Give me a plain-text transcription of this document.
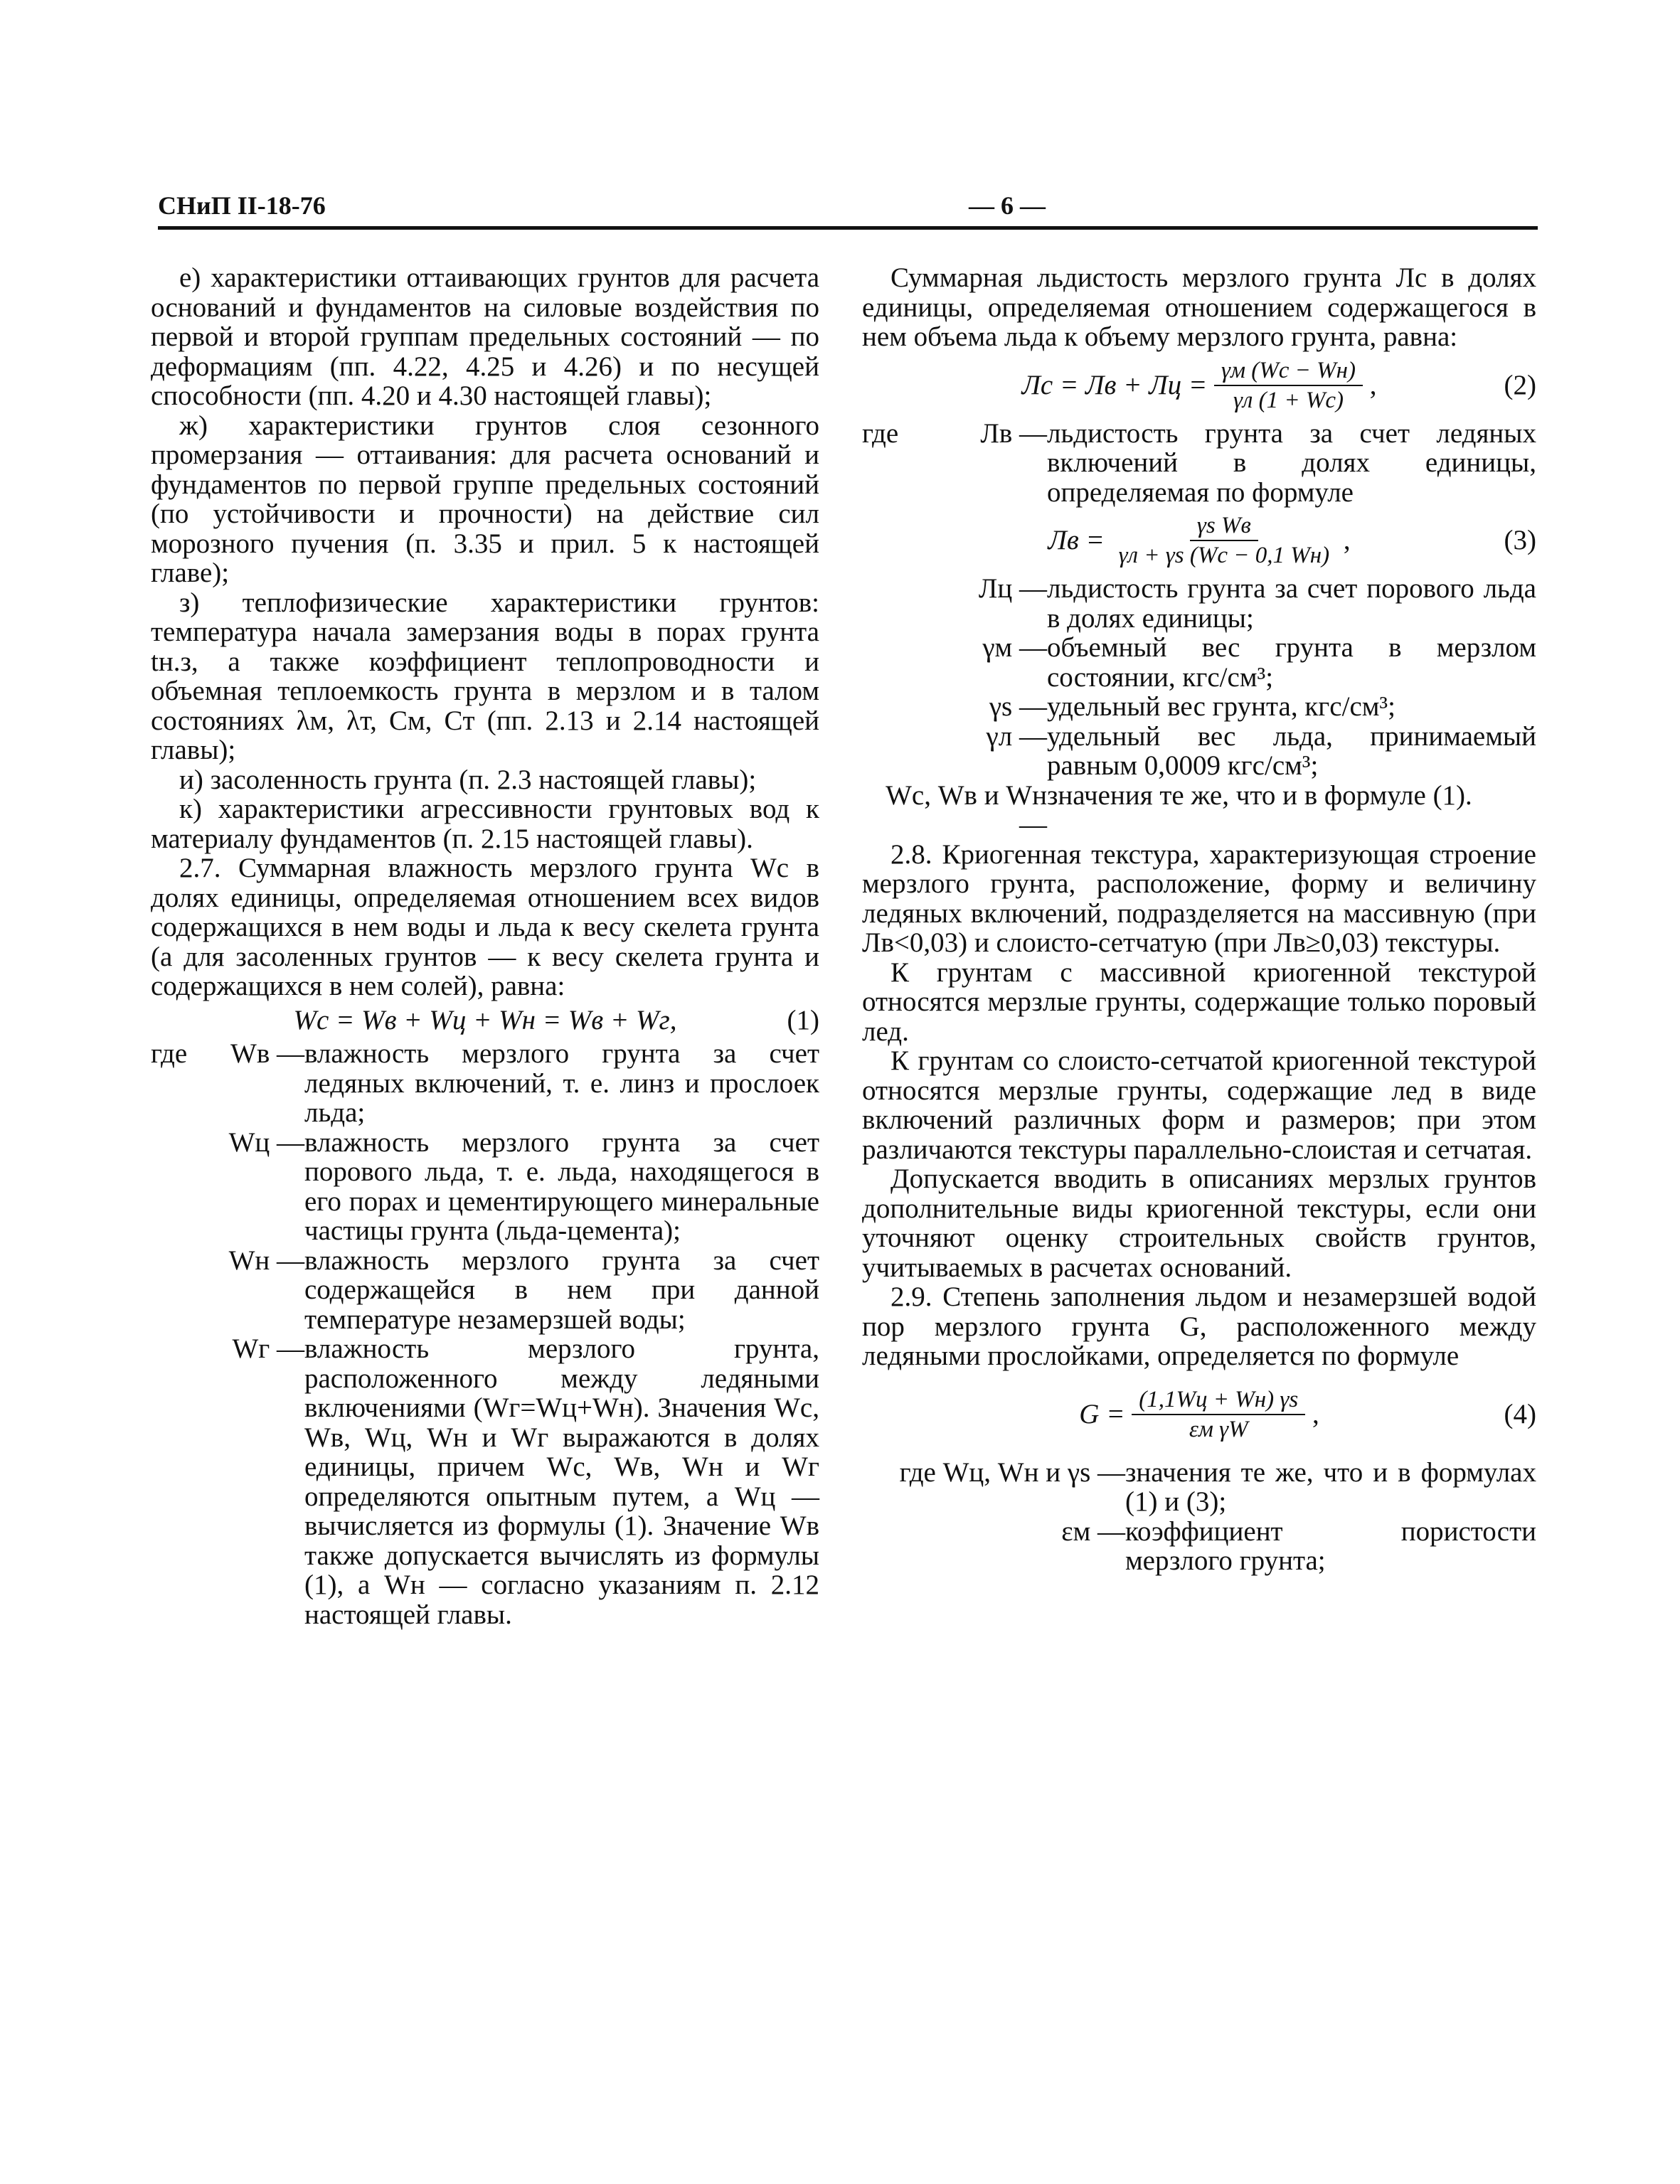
СНиП II-18-76	— 6 —

е) характеристики оттаивающих грунтов для расчета оснований и фундаментов на силовые воздействия по первой и второй группам предельных состояний — по деформациям (пп. 4.22, 4.25 и 4.26) и по несущей способности (пп. 4.20 и 4.30 настоящей главы);

ж) характеристики грунтов слоя сезонного промерзания — оттаивания: для расчета оснований и фундаментов по первой группе предельных состояний (по устойчивости и прочности) на действие сил морозного пучения (п. 3.35 и прил. 5 к настоящей главе);

з) теплофизические характеристики грунтов: температура начала замерзания воды в порах грунта tн.з, а также коэффициент теплопроводности и объемная теплоемкость грунта в мерзлом и в талом состояниях λм, λт, Cм, Cт (пп. 2.13 и 2.14 настоящей главы);

и) засоленность грунта (п. 2.3 настоящей главы);

к) характеристики агрессивности грунтовых вод к материалу фундаментов (п. 2.15 настоящей главы).

2.7. Суммарная влажность мерзлого грунта Wс в долях единицы, определяемая отношением всех видов содержащихся в нем воды и льда к весу скелета грунта (а для засоленных грунтов — к весу скелета грунта и содержащихся в нем солей), равна:

Wс = Wв + Wц + Wн = Wв + Wг,	(1)
где	Wв — влажность мерзлого грунта за счет ледяных включений, т. е. линз и прослоек льда;
Wц — влажность мерзлого грунта за счет порового льда, т. е. льда, находящегося в его порах и цементирующего минеральные частицы грунта (льда-цемента);
Wн — влажность мерзлого грунта за счет содержащейся в нем при данной температуре незамерзшей воды;
Wг — влажность мерзлого грунта, расположенного между ледяными включениями (Wг=Wц+Wн). Значения Wс, Wв, Wц, Wн и Wг выражаются в долях единицы, причем Wс, Wв, Wн и Wг определяются опытным путем, а Wц — вычисляется из формулы (1). Значение Wв также допускается вычислять из формулы (1), а Wн — согласно указаниям п. 2.12 настоящей главы.

Суммарная льдистость мерзлого грунта Лс в долях единицы, определяемая отношением содержащегося в нем объема льда к объему мерзлого грунта, равна:

Лс = Лв + Лц =
$\frac{\gamma м (Wс - Wн)}{\gamma л (1 + Wс)}$ ,	(2)
где	Лв — льдистость грунта за счет ледяных включений в долях единицы, определяемая по формуле
Лв =
$\frac{\text{γs Wв}}{\gamma л + \gamma s (Wс - 0,1 Wн)}$ ,	(3)
Лц — льдистость грунта за счет порового льда в долях единицы;
γм — объемный вес грунта в мерзлом состоянии, кгс/см³;
γs — удельный вес грунта, кгс/см³;
γл — удельный вес льда, принимаемый равным 0,0009 кгс/см³;
Wс, Wв и Wн —
значения те же, что и в формуле (1).

2.8. Криогенная текстура, характеризующая строение мерзлого грунта, расположение, форму и величину ледяных включений, подразделяется на массивную (при Лв<0,03) и слоисто-сетчатую (при Лв≥0,03) текстуры.

К грунтам с массивной криогенной текстурой относятся мерзлые грунты, содержащие только поровый лед.

К грунтам со слоисто-сетчатой криогенной текстурой относятся мерзлые грунты, содержащие лед в виде включений различных форм и размеров; при этом различаются текстуры параллельно-слоистая и сетчатая.

Допускается вводить в описаниях мерзлых грунтов дополнительные виды криогенной текстуры, если они уточняют оценку строительных свойств грунтов, учитываемых в расчетах оснований.

2.9. Степень заполнения льдом и незамерзшей водой пор мерзлого грунта G, расположенного между ледяными прослойками, определяется по формуле

G =
$\frac{(1,1Wц + Wн) \gamma s}{\text{εм γW}}$ ,	(4)
где Wц, Wн и γs — значения те же, что и в формулах (1) и (3);
εм — коэффициент пористости мерзлого грунта;
